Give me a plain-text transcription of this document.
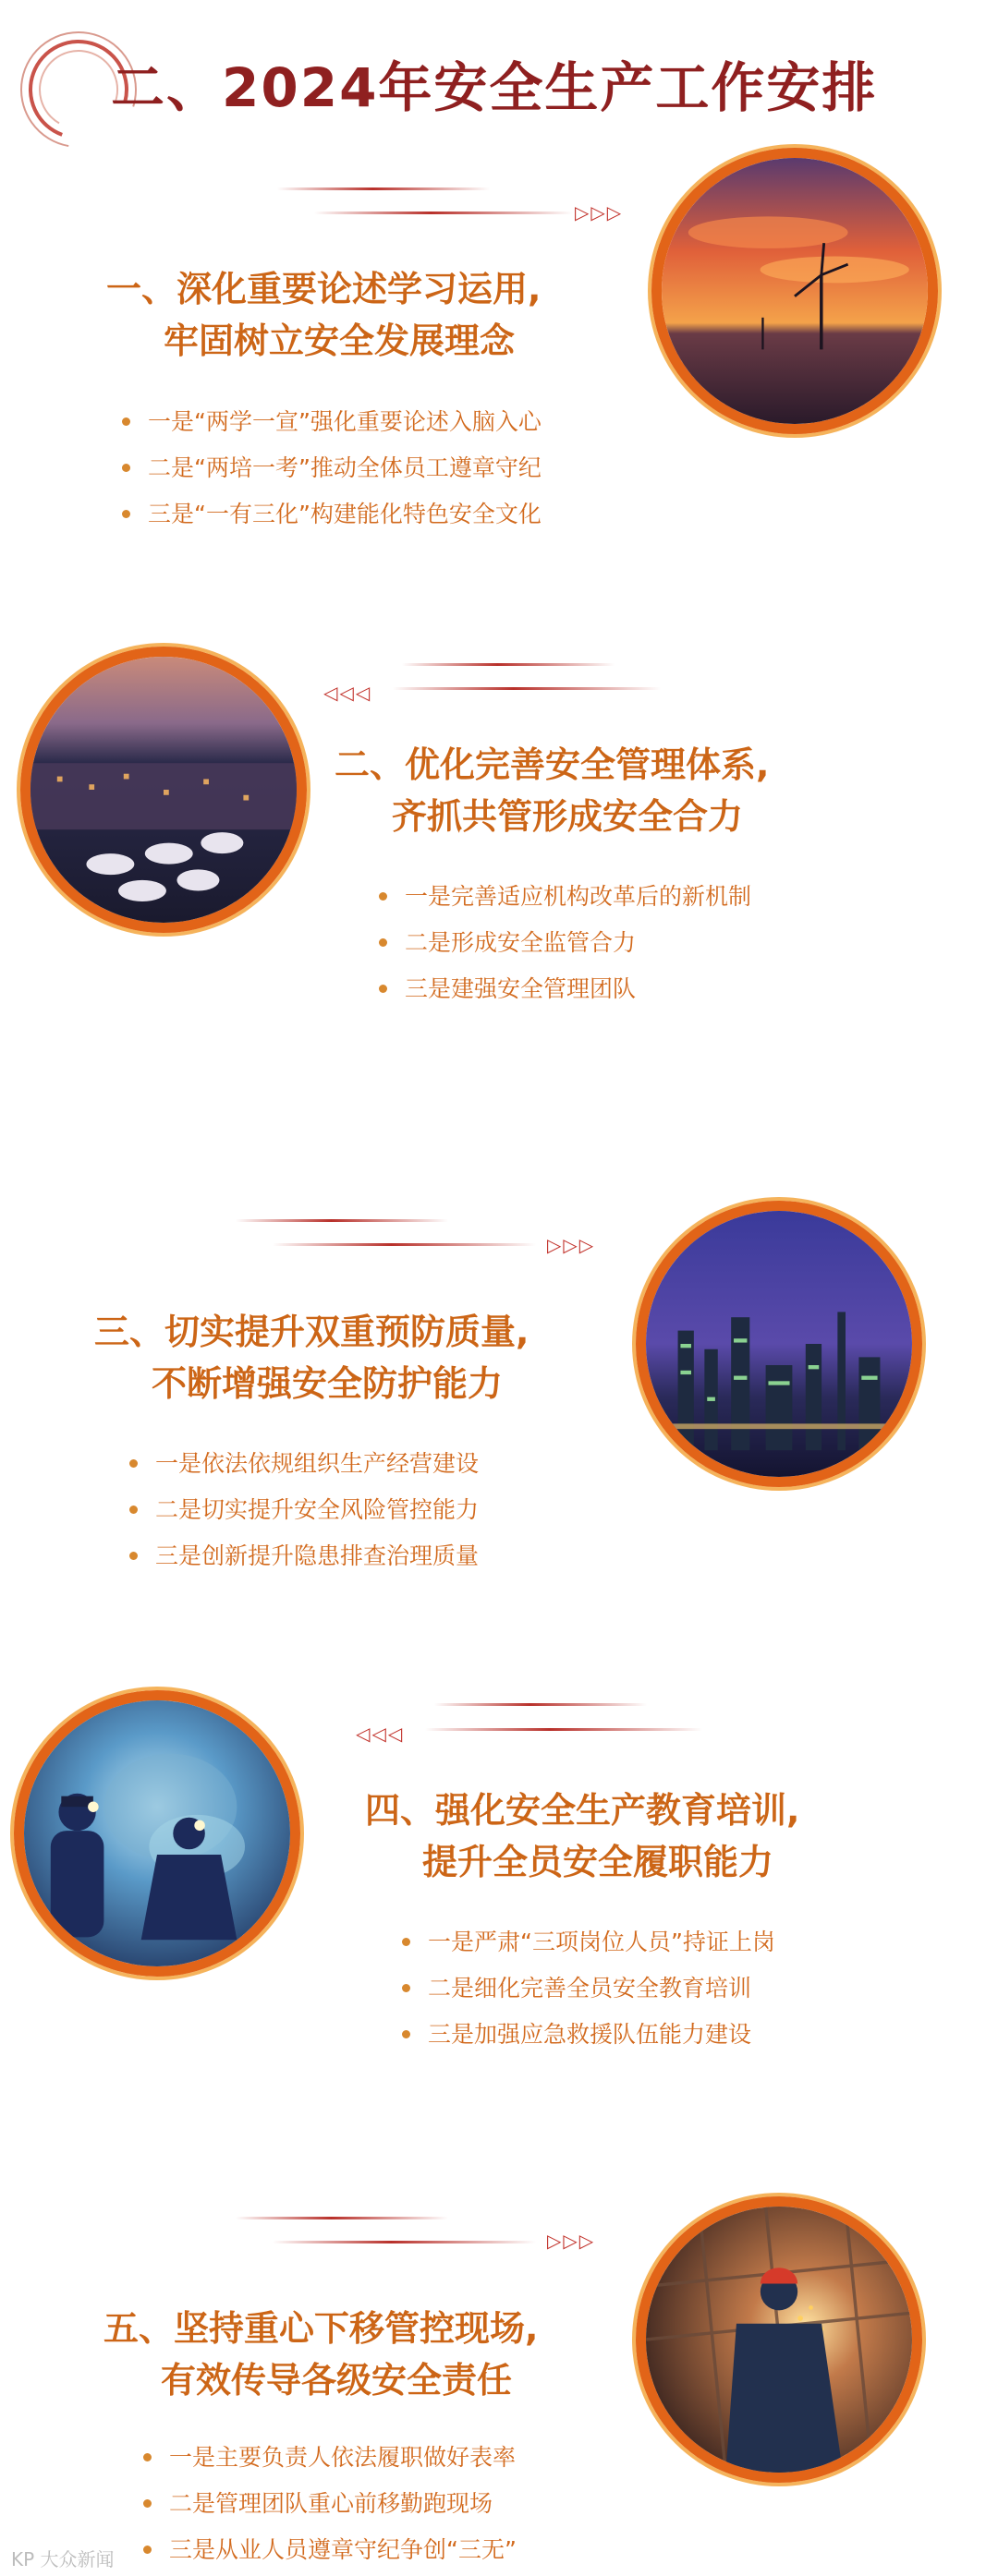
二、2024年安全生产工作安排
▷▷▷
一、深化重要论述学习运用,
牢固树立安全发展理念
一是“两学一宣”强化重要论述入脑入心
二是“两培一考”推动全体员工遵章守纪
三是“一有三化”构建能化特色安全文化
◁◁◁
二、优化完善安全管理体系,
齐抓共管形成安全合力
一是完善适应机构改革后的新机制
二是形成安全监管合力
三是建强安全管理团队
▷▷▷
三、切实提升双重预防质量,
不断增强安全防护能力
一是依法依规组织生产经营建设
二是切实提升安全风险管控能力
三是创新提升隐患排查治理质量
◁◁◁
四、强化安全生产教育培训,
提升全员安全履职能力
一是严肃“三项岗位人员”持证上岗
二是细化完善全员安全教育培训
三是加强应急救援队伍能力建设
▷▷▷
五、坚持重心下移管控现场,
有效传导各级安全责任
一是主要负责人依法履职做好表率
二是管理团队重心前移勤跑现场
三是从业人员遵章守纪争创“三无”
KP 大众新闻
